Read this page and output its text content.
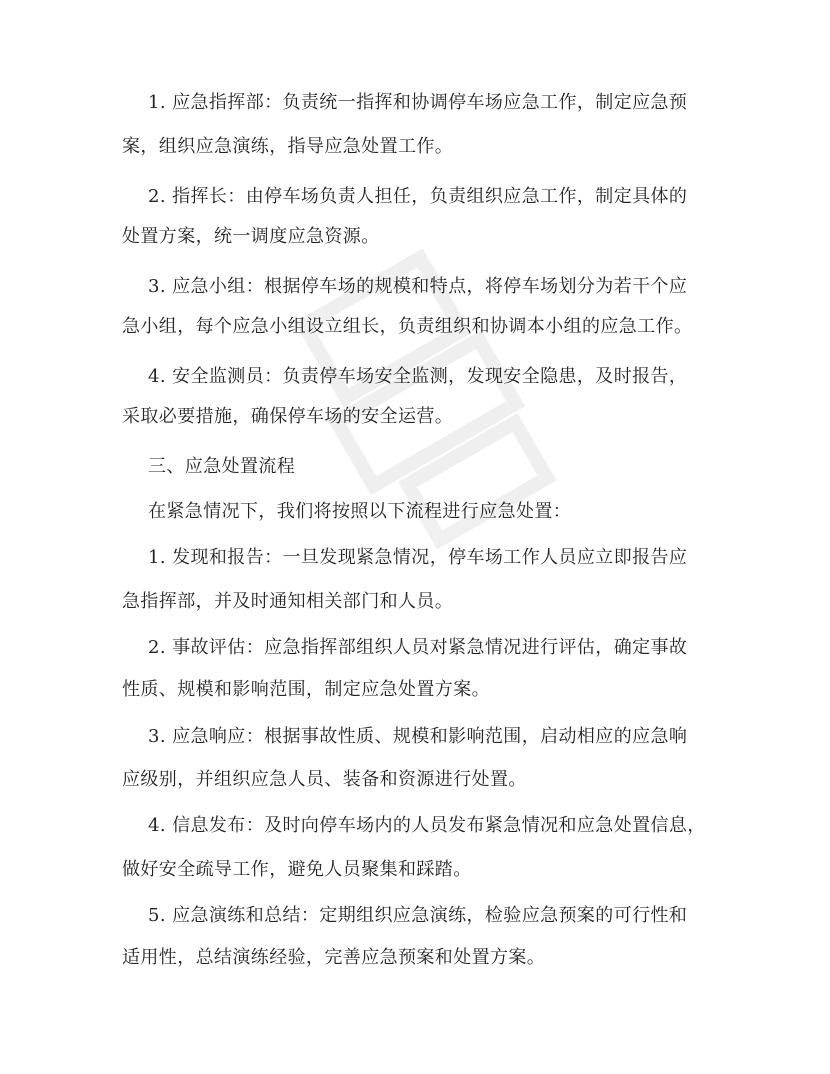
1. 应急指挥部：负责统一指挥和协调停车场应急工作，制定应急预
案，组织应急演练，指导应急处置工作。
2. 指挥长：由停车场负责人担任，负责组织应急工作，制定具体的
处置方案，统一调度应急资源。
3. 应急小组：根据停车场的规模和特点，将停车场划分为若干个应
急小组，每个应急小组设立组长，负责组织和协调本小组的应急工作。
4. 安全监测员：负责停车场安全监测，发现安全隐患，及时报告，
采取必要措施，确保停车场的安全运营。
三、应急处置流程
在紧急情况下，我们将按照以下流程进行应急处置：
1. 发现和报告：一旦发现紧急情况，停车场工作人员应立即报告应
急指挥部，并及时通知相关部门和人员。
2. 事故评估：应急指挥部组织人员对紧急情况进行评估，确定事故
性质、规模和影响范围，制定应急处置方案。
3. 应急响应：根据事故性质、规模和影响范围，启动相应的应急响
应级别，并组织应急人员、装备和资源进行处置。
4. 信息发布：及时向停车场内的人员发布紧急情况和应急处置信息，
做好安全疏导工作，避免人员聚集和踩踏。
5. 应急演练和总结：定期组织应急演练，检验应急预案的可行性和
适用性，总结演练经验，完善应急预案和处置方案。
